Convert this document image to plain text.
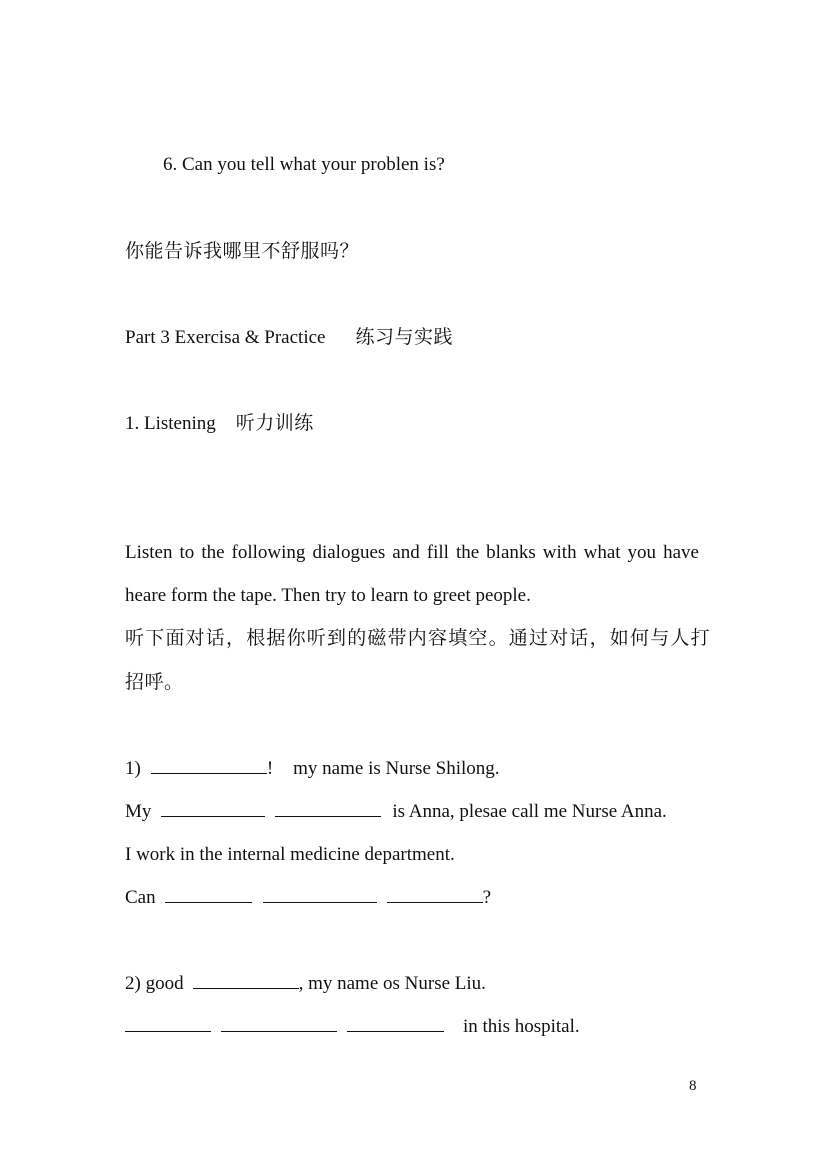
6. Can you tell what your problen is?
你能告诉我哪里不舒服吗？
Part 3 Exercisa & Practice 练习与实践
1. Listening 听力训练
Listen to the following dialogues and fill the blanks with what you have
heare form the tape. Then try to learn to greet people.
听下面对话，根据你听到的磁带内容填空。通过对话，如何与人打
招呼。
1)	! my name is Nurse Shilong.
My	is Anna, plesae call me Nurse Anna.
I work in the internal medicine department.
Can	?
2) good	, my name os Nurse Liu.
in this hospital.
8
